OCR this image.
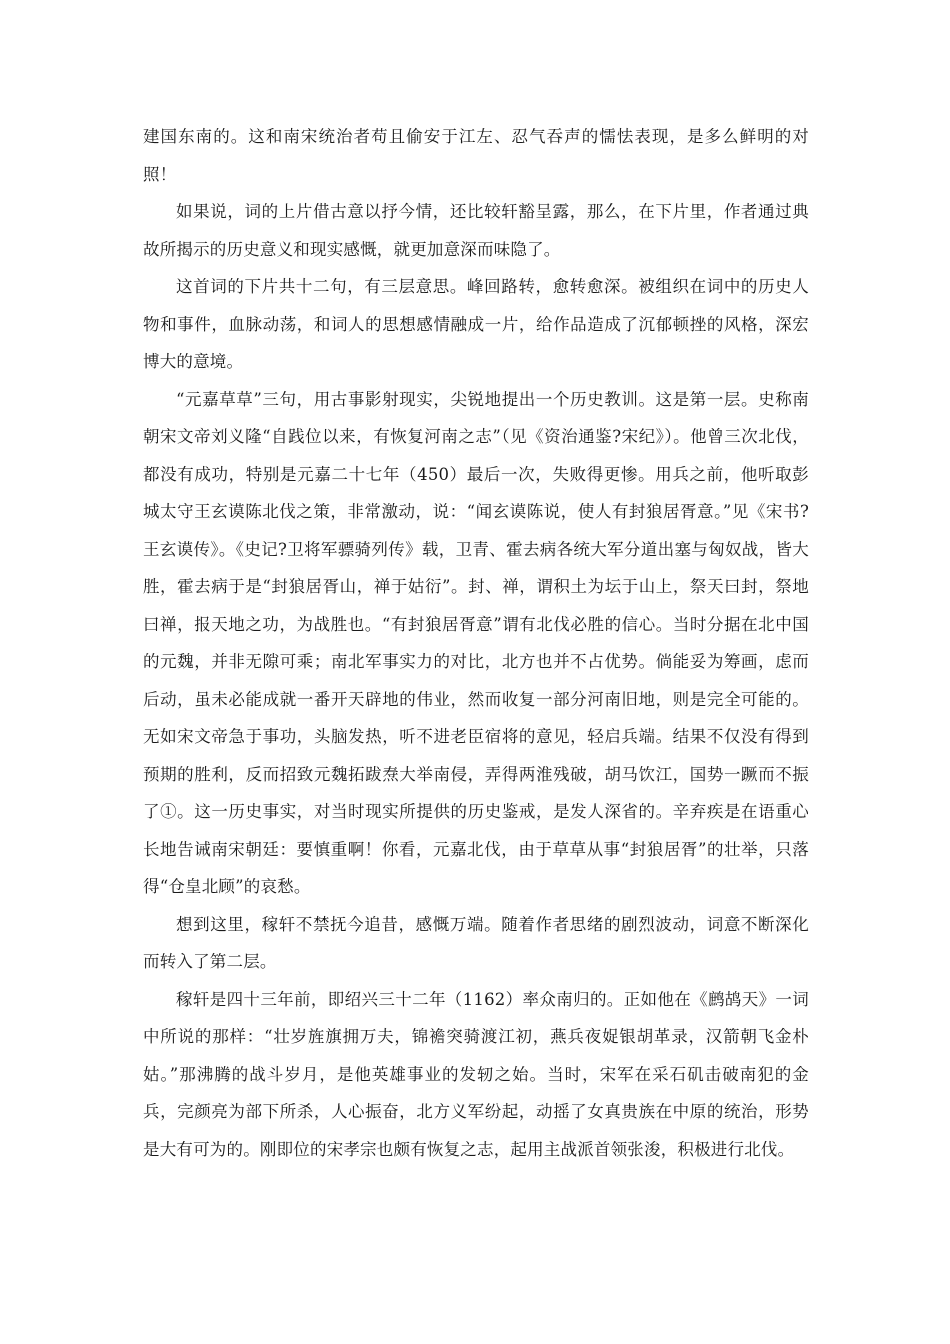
建国东南的。这和南宋统治者苟且偷安于江左、忍气吞声的懦怯表现，是多么鲜明的对照！

如果说，词的上片借古意以抒今情，还比较轩豁呈露，那么，在下片里，作者通过典故所揭示的历史意义和现实感慨，就更加意深而味隐了。

这首词的下片共十二句，有三层意思。峰回路转，愈转愈深。被组织在词中的历史人物和事件，血脉动荡，和词人的思想感情融成一片，给作品造成了沉郁顿挫的风格，深宏博大的意境。

“元嘉草草”三句，用古事影射现实，尖锐地提出一个历史教训。这是第一层。史称南朝宋文帝刘义隆“自践位以来，有恢复河南之志”（见《资治通鉴?宋纪》）。他曾三次北伐，都没有成功，特别是元嘉二十七年（450）最后一次，失败得更惨。用兵之前，他听取彭城太守王玄谟陈北伐之策，非常激动，说：“闻玄谟陈说，使人有封狼居胥意。”见《宋书?王玄谟传》。《史记?卫将军骠骑列传》载，卫青、霍去病各统大军分道出塞与匈奴战，皆大胜，霍去病于是“封狼居胥山，禅于姑衍”。封、禅，谓积土为坛于山上，祭天曰封，祭地曰禅，报天地之功，为战胜也。“有封狼居胥意”谓有北伐必胜的信心。当时分据在北中国的元魏，并非无隙可乘；南北军事实力的对比，北方也并不占优势。倘能妥为筹画，虑而后动，虽未必能成就一番开天辟地的伟业，然而收复一部分河南旧地，则是完全可能的。无如宋文帝急于事功，头脑发热，听不进老臣宿将的意见，轻启兵端。结果不仅没有得到预期的胜利，反而招致元魏拓跋焘大举南侵，弄得两淮残破，胡马饮江，国势一蹶而不振了①。这一历史事实，对当时现实所提供的历史鉴戒，是发人深省的。辛弃疾是在语重心长地告诫南宋朝廷：要慎重啊！你看，元嘉北伐，由于草草从事“封狼居胥”的壮举，只落得“仓皇北顾”的哀愁。

想到这里，稼轩不禁抚今追昔，感慨万端。随着作者思绪的剧烈波动，词意不断深化而转入了第二层。

稼轩是四十三年前，即绍兴三十二年（1162）率众南归的。正如他在《鹧鸪天》一词中所说的那样：“壮岁旌旗拥万夫，锦襜突骑渡江初，燕兵夜娖银胡革录，汉箭朝飞金朴姑。”那沸腾的战斗岁月，是他英雄事业的发轫之始。当时，宋军在采石矶击破南犯的金兵，完颜亮为部下所杀，人心振奋，北方义军纷起，动摇了女真贵族在中原的统治，形势是大有可为的。刚即位的宋孝宗也颇有恢复之志，起用主战派首领张浚，积极进行北伐。
